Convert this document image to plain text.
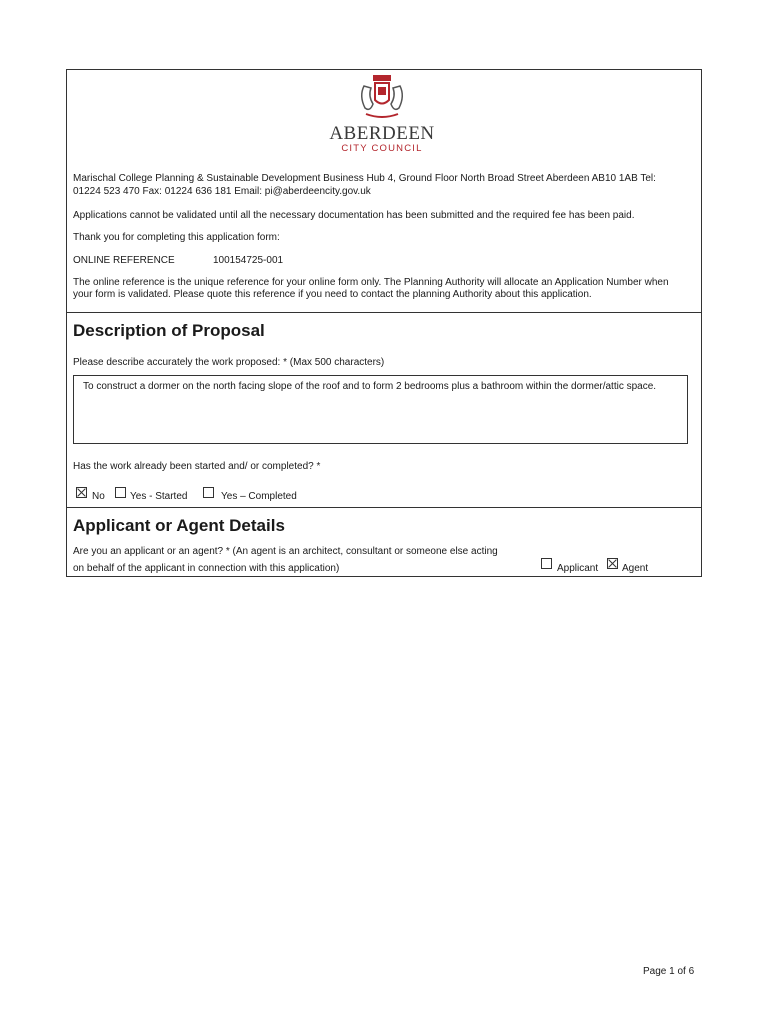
ABERDEEN
CITY COUNCIL
Marischal College Planning & Sustainable Development Business Hub 4, Ground Floor North Broad Street Aberdeen AB10 1AB Tel:
01224 523 470 Fax: 01224 636 181 Email: pi@aberdeencity.gov.uk
Applications cannot be validated until all the necessary documentation has been submitted and the required fee has been paid.
Thank you for completing this application form:
ONLINE REFERENCE	100154725-001
The online reference is the unique reference for your online form only. The Planning Authority will allocate an Application Number when
your form is validated. Please quote this reference if you need to contact the planning Authority about this application.
Description of Proposal
Please describe accurately the work proposed: * (Max 500 characters)
To construct a dormer on the north facing slope of the roof and to form 2 bedrooms plus a bathroom within the dormer/attic space.
Has the work already been started and/ or completed? *
No	Yes - Started	Yes – Completed
Applicant or Agent Details
Are you an applicant or an agent? * (An agent is an architect, consultant or someone else acting
on behalf of the applicant in connection with this application)	Applicant Agent
Page 1 of 6
